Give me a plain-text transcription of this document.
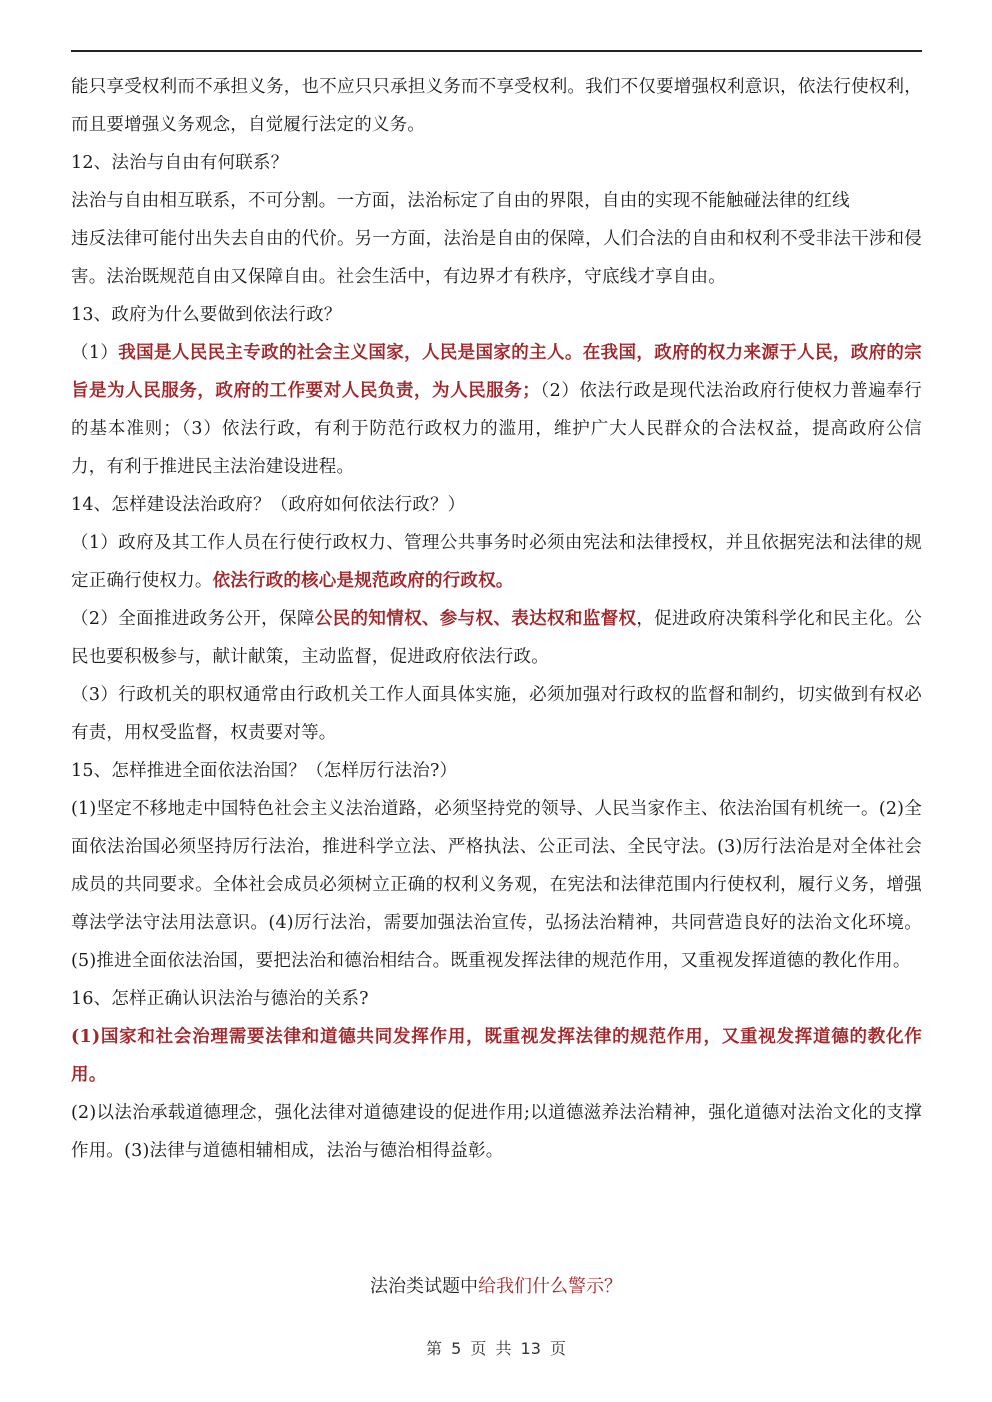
能只享受权利而不承担义务，也不应只只承担义务而不享受权利。我们不仅要增强权利意识，依法行使权利，而且要增强义务观念，自觉履行法定的义务。

12、法治与自由有何联系？

法治与自由相互联系，不可分割。一方面，法治标定了自由的界限，自由的实现不能触碰法律的红线

违反法律可能付出失去自由的代价。另一方面，法治是自由的保障，人们合法的自由和权利不受非法干涉和侵害。法治既规范自由又保障自由。社会生活中，有边界才有秩序，守底线才享自由。

13、政府为什么要做到依法行政？

（1）我国是人民民主专政的社会主义国家，人民是国家的主人。在我国，政府的权力来源于人民，政府的宗旨是为人民服务，政府的工作要对人民负责，为人民服务；（2）依法行政是现代法治政府行使权力普遍奉行的基本准则；（3）依法行政，有利于防范行政权力的滥用，维护广大人民群众的合法权益，提高政府公信力，有利于推进民主法治建设进程。

14、怎样建设法治政府？（政府如何依法行政？）

（1）政府及其工作人员在行使行政权力、管理公共事务时必须由宪法和法律授权，并且依据宪法和法律的规定正确行使权力。依法行政的核心是规范政府的行政权。

（2）全面推进政务公开，保障公民的知情权、参与权、表达权和监督权，促进政府决策科学化和民主化。公民也要积极参与，献计献策，主动监督，促进政府依法行政。

（3）行政机关的职权通常由行政机关工作人面具体实施，必须加强对行政权的监督和制约，切实做到有权必有责，用权受监督，权责要对等。

15、怎样推进全面依法治国？（怎样厉行法治?）

(1)坚定不移地走中国特色社会主义法治道路，必须坚持党的领导、人民当家作主、依法治国有机统一。(2)全面依法治国必须坚持厉行法治，推进科学立法、严格执法、公正司法、全民守法。(3)厉行法治是对全体社会成员的共同要求。全体社会成员必须树立正确的权利义务观，在宪法和法律范围内行使权利，履行义务，增强尊法学法守法用法意识。(4)厉行法治，需要加强法治宣传，弘扬法治精神，共同营造良好的法治文化环境。(5)推进全面依法治国，要把法治和德治相结合。既重视发挥法律的规范作用，又重视发挥道德的教化作用。

16、怎样正确认识法治与德治的关系?

(1)国家和社会治理需要法律和道德共同发挥作用，既重视发挥法律的规范作用，又重视发挥道德的教化作用。

(2)以法治承载道德理念，强化法律对道德建设的促进作用;以道德滋养法治精神，强化道德对法治文化的支撑作用。(3)法律与道德相辅相成，法治与德治相得益彰。

法治类试题中给我们什么警示？
第 5 页 共 13 页
